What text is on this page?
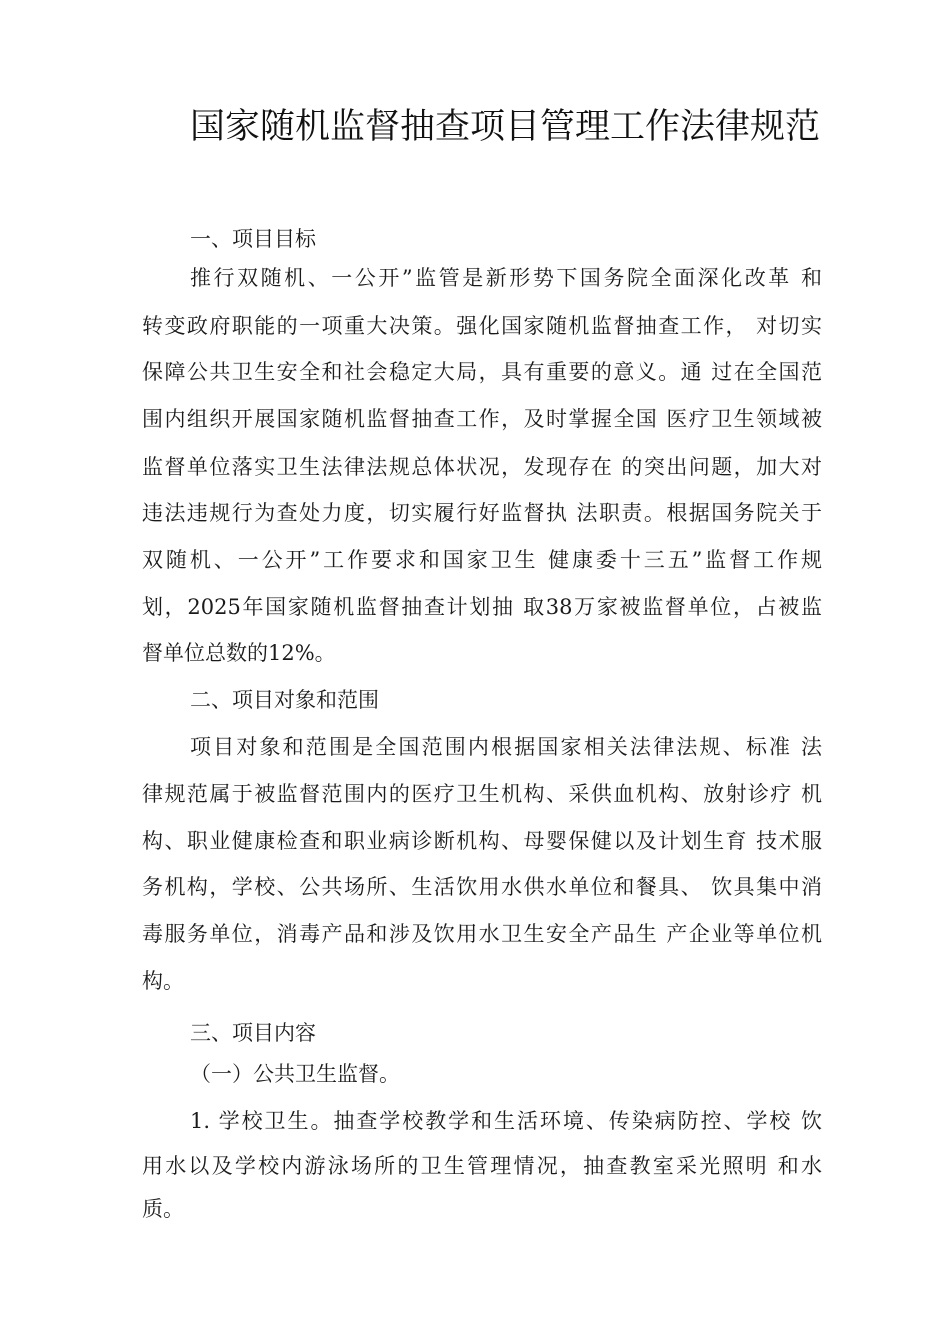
国家随机监督抽查项目管理工作法律规范
一、项目目标
推行双随机、一公开”监管是新形势下国务院全面深化改革 和
转变政府职能的一项重大决策。强化国家随机监督抽查工作， 对切实
保障公共卫生安全和社会稳定大局，具有重要的意义。通 过在全国范
围内组织开展国家随机监督抽查工作，及时掌握全国 医疗卫生领域被
监督单位落实卫生法律法规总体状况，发现存在 的突出问题，加大对
违法违规行为查处力度，切实履行好监督执 法职责。根据国务院关于
双随机、一公开”工作要求和国家卫生 健康委十三五”监督工作规
划，2025年国家随机监督抽查计划抽 取38万家被监督单位，占被监
督单位总数的12%。
二、项目对象和范围
项目对象和范围是全国范围内根据国家相关法律法规、标准 法
律规范属于被监督范围内的医疗卫生机构、采供血机构、放射诊疗 机
构、职业健康检查和职业病诊断机构、母婴保健以及计划生育 技术服
务机构，学校、公共场所、生活饮用水供水单位和餐具、 饮具集中消
毒服务单位，消毒产品和涉及饮用水卫生安全产品生 产企业等单位机
构。
三、项目内容
（一）公共卫生监督。
1. 学校卫生。抽查学校教学和生活环境、传染病防控、学校 饮
用水以及学校内游泳场所的卫生管理情况，抽查教室采光照明 和水
质。
